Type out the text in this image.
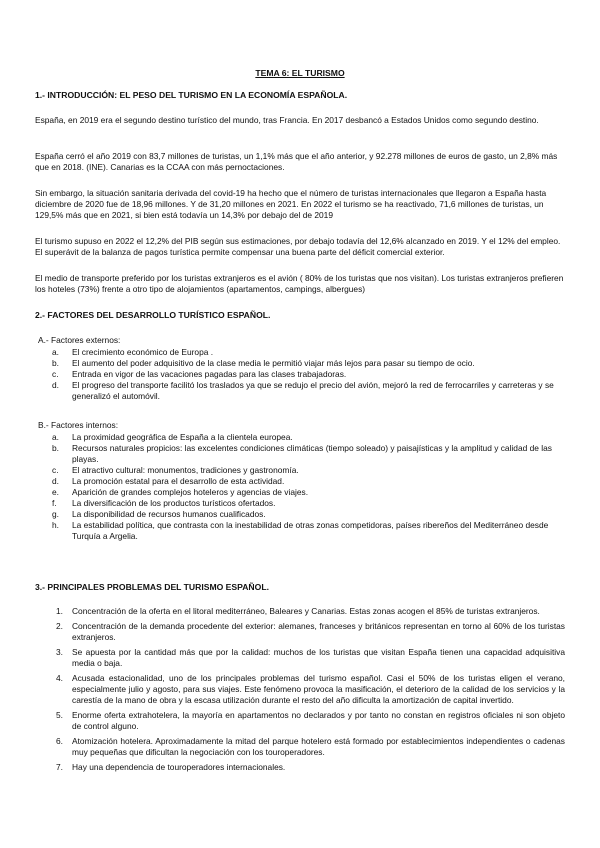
TEMA 6: EL TURISMO
1.- INTRODUCCIÓN: EL PESO DEL TURISMO EN LA ECONOMÍA ESPAÑOLA.

España, en 2019 era el segundo destino turístico del mundo, tras Francia. En 2017 desbancó a Estados Unidos como segundo destino.

España cerró el año 2019 con 83,7 millones de turistas, un 1,1% más que el año anterior, y 92.278 millones de euros de gasto, un 2,8% más que en 2018. (INE). Canarias es la CCAA con más pernoctaciones.

Sin embargo, la situación sanitaria derivada del covid-19 ha hecho que el número de turistas internacionales que llegaron a España hasta diciembre de 2020 fue de 18,96 millones. Y de 31,20 millones en 2021. En 2022 el turismo se ha reactivado, 71,6 millones de turistas, un 129,5% más que en 2021, si bien está todavía un 14,3% por debajo del de 2019

El turismo supuso en 2022 el 12,2% del PIB según sus estimaciones, por debajo todavía del 12,6% alcanzado en 2019. Y el 12% del empleo. El superávit de la balanza de pagos turística permite compensar una buena parte del déficit comercial exterior.

El medio de transporte preferido por los turistas extranjeros es el avión ( 80% de los turistas que nos visitan). Los turistas extranjeros prefieren los hoteles (73%) frente a otro tipo de alojamientos (apartamentos, campings, albergues)

2.- FACTORES DEL DESARROLLO TURÍSTICO ESPAÑOL.
A.- Factores externos:
a. El crecimiento económico de Europa .
b. El aumento del poder adquisitivo de la clase media le permitió viajar más lejos para pasar su tiempo de ocio.
c. Entrada en vigor de las vacaciones pagadas para las clases trabajadoras.
d. El progreso del transporte facilitó los traslados ya que se redujo el precio del avión, mejoró la red de ferrocarriles y carreteras y se generalizó el automóvil.
B.- Factores internos:
a. La proximidad geográfica de España a la clientela europea.
b. Recursos naturales propicios: las excelentes condiciones climáticas (tiempo soleado) y paisajísticas y la amplitud y calidad de las playas.
c. El atractivo cultural: monumentos, tradiciones y gastronomía.
d. La promoción estatal para el desarrollo de esta actividad.
e. Aparición de grandes complejos hoteleros y agencias de viajes.
f. La diversificación de los productos turísticos ofertados.
g. La disponibilidad de recursos humanos cualificados.
h. La estabilidad política, que contrasta con la inestabilidad de otras zonas competidoras, países ribereños del Mediterráneo desde Turquía a Argelia.
3.- PRINCIPALES PROBLEMAS DEL TURISMO ESPAÑOL.
1. Concentración de la oferta en el litoral mediterráneo, Baleares y Canarias. Estas zonas acogen el 85% de turistas extranjeros.
2. Concentración de la demanda procedente del exterior: alemanes, franceses y británicos representan en torno al 60% de los turistas extranjeros.
3. Se apuesta por la cantidad más que por la calidad: muchos de los turistas que visitan España tienen una capacidad adquisitiva media o baja.
4. Acusada estacionalidad, uno de los principales problemas del turismo español. Casi el 50% de los turistas eligen el verano, especialmente julio y agosto, para sus viajes. Este fenómeno provoca la masificación, el deterioro de la calidad de los servicios y la carestía de la mano de obra y la escasa utilización durante el resto del año dificulta la amortización de capital invertido.
5. Enorme oferta extrahotelera, la mayoría en apartamentos no declarados y por tanto no constan en registros oficiales ni son objeto de control alguno.
6. Atomización hotelera. Aproximadamente la mitad del parque hotelero está formado por establecimientos independientes o cadenas muy pequeñas que dificultan la negociación con los touroperadores.
7. Hay una dependencia de touroperadores internacionales.
